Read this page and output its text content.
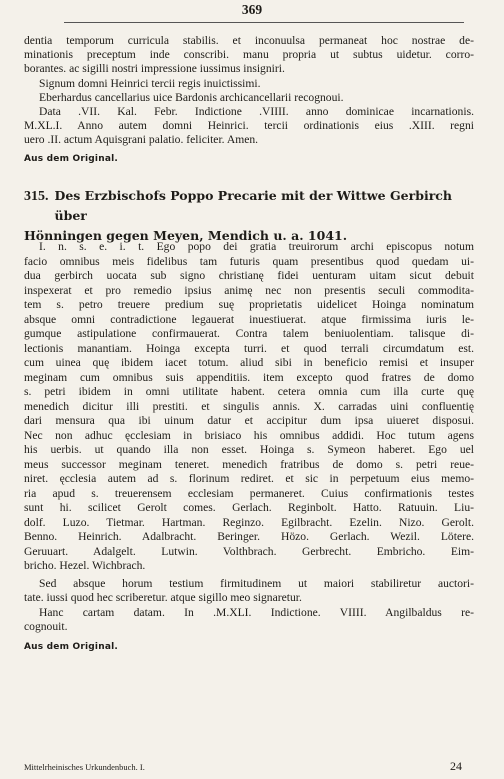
369
dentia temporum curricula stabilis. et inconuulsa permaneat hoc nostrae de-
minationis preceptum inde conscribi. manu propria ut subtus uidetur. corro-
borantes. ac sigilli nostri impressione iussimus insigniri.
Signum domni Heinrici tercii regis inuictissimi.
Eberhardus cancellarius uice Bardonis archicancellarii recognoui.
Data .VII. Kal. Febr. Indictione .VIIII. anno dominicae incarnationis.
M.XL.I. Anno autem domni Heinrici. tercii ordinationis eius .XIII. regni
uero .II. actum Aquisgrani palatio. feliciter. Amen.
Aus dem Original.
315. Des Erzbischofs Poppo Precarie mit der Wittwe Gerbirch über
Hönningen gegen Meyen, Mendich u. a. 1041.
I. n. s. e. i. t. Ego popo dei gratia treuirorum archi episcopus notum
facio omnibus meis fidelibus tam futuris quam presentibus quod quedam ui-
dua gerbirch uocata sub signo christianę fidei uenturam uitam sicut debuit
inspexerat et pro remedio ipsius animę nec non presentis seculi commodita-
tem s. petro treuere predium suę proprietatis uidelicet Hoinga nominatum
absque omni contradictione legauerat inuestiuerat. atque firmissima iuris le-
gumque astipulatione confirmauerat. Contra talem beniuolentiam. talisque di-
lectionis manantiam. Hoinga excepta turri. et quod terrali circumdatum est.
cum uinea quę ibidem iacet totum. aliud sibi in beneficio remisi et insuper
meginam cum omnibus suis appenditiis. item excepto quod fratres de domo
s. petri ibidem in omni utilitate habent. cetera omnia cum illa curte quę
menedich dicitur illi prestiti. et singulis annis. X. carradas uini confluentię
dari mensura qua ibi uinum datur et accipitur dum ipsa uiueret disposui.
Nec non adhuc ęcclesiam in brisiaco his omnibus addidi. Hoc tutum agens
his uerbis. ut quando illa non esset. Hoinga s. Symeon haberet. Ego uel
meus successor meginam teneret. menedich fratribus de domo s. petri reue-
niret. ęcclesia autem ad s. florinum rediret. et sic in perpetuum eius memo-
ria apud s. treuerensem ecclesiam permaneret. Cuius confirmationis testes
sunt hi. scilicet Gerolt comes. Gerlach. Reginbolt. Hatto. Ratuuin. Liu-
dolf. Luzo. Tietmar. Hartman. Reginzo. Egilbracht. Ezelin. Nizo. Gerolt.
Benno. Heinrich. Adalbracht. Beringer. Hözo. Gerlach. Wezil. Lötere.
Geruuart. Adalgelt. Lutwin. Volthbrach. Gerbrecht. Embricho. Eim-
bricho. Hezel. Wichbrach.
Sed absque horum testium firmitudinem ut maiori stabiliretur auctori-
tate. iussi quod hec scriberetur. atque sigillo meo signaretur.
Hanc cartam datam. In .M.XLI. Indictione. VIIII. Angilbaldus re-
cognouit.
Aus dem Original.
Mittelrheinisches Urkundenbuch. I.	24
